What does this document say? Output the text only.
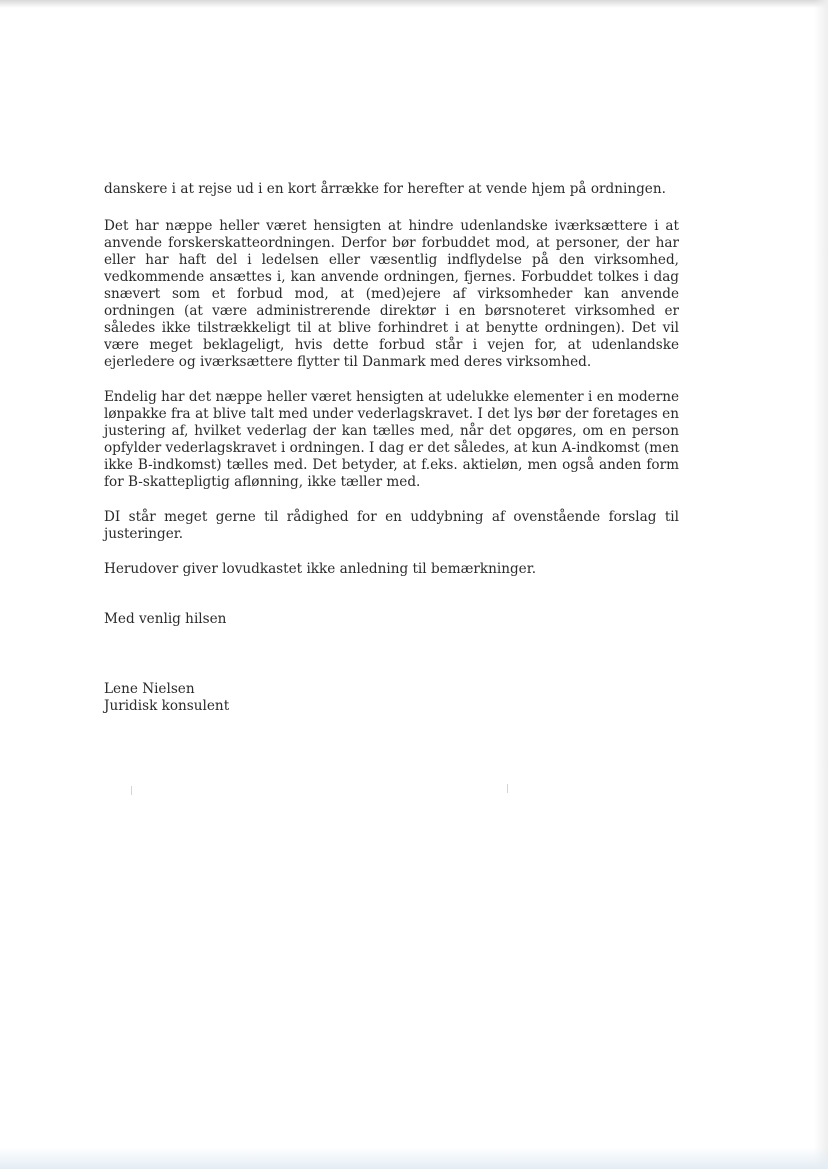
danskere i at rejse ud i en kort årrække for herefter at vende hjem på ordningen.

Det har næppe heller været hensigten at hindre udenlandske iværksættere i at anvende forskerskatteordningen. Derfor bør forbuddet mod, at personer, der har eller har haft del i ledelsen eller væsentlig indflydelse på den virksomhed, vedkommende ansættes i, kan anvende ordningen, fjernes. Forbuddet tolkes i dag snævert som et forbud mod, at (med)ejere af virksomheder kan anvende ordningen (at være administrerende direktør i en børsnoteret virksomhed er således ikke tilstrækkeligt til at blive forhindret i at benytte ordningen). Det vil være meget beklageligt, hvis dette forbud står i vejen for, at udenlandske ejerledere og iværksættere flytter til Danmark med deres virksomhed.

Endelig har det næppe heller været hensigten at udelukke elementer i en moderne lønpakke fra at blive talt med under vederlagskravet. I det lys bør der foretages en justering af, hvilket vederlag der kan tælles med, når det opgøres, om en person opfylder vederlagskravet i ordningen. I dag er det således, at kun A-indkomst (men ikke B-indkomst) tælles med. Det betyder, at f.eks. aktieløn, men også anden form for B-skattepligtig aflønning, ikke tæller med.

DI står meget gerne til rådighed for en uddybning af ovenstående forslag til justeringer.

Herudover giver lovudkastet ikke anledning til bemærkninger.

Med venlig hilsen

Lene Nielsen

Juridisk konsulent
